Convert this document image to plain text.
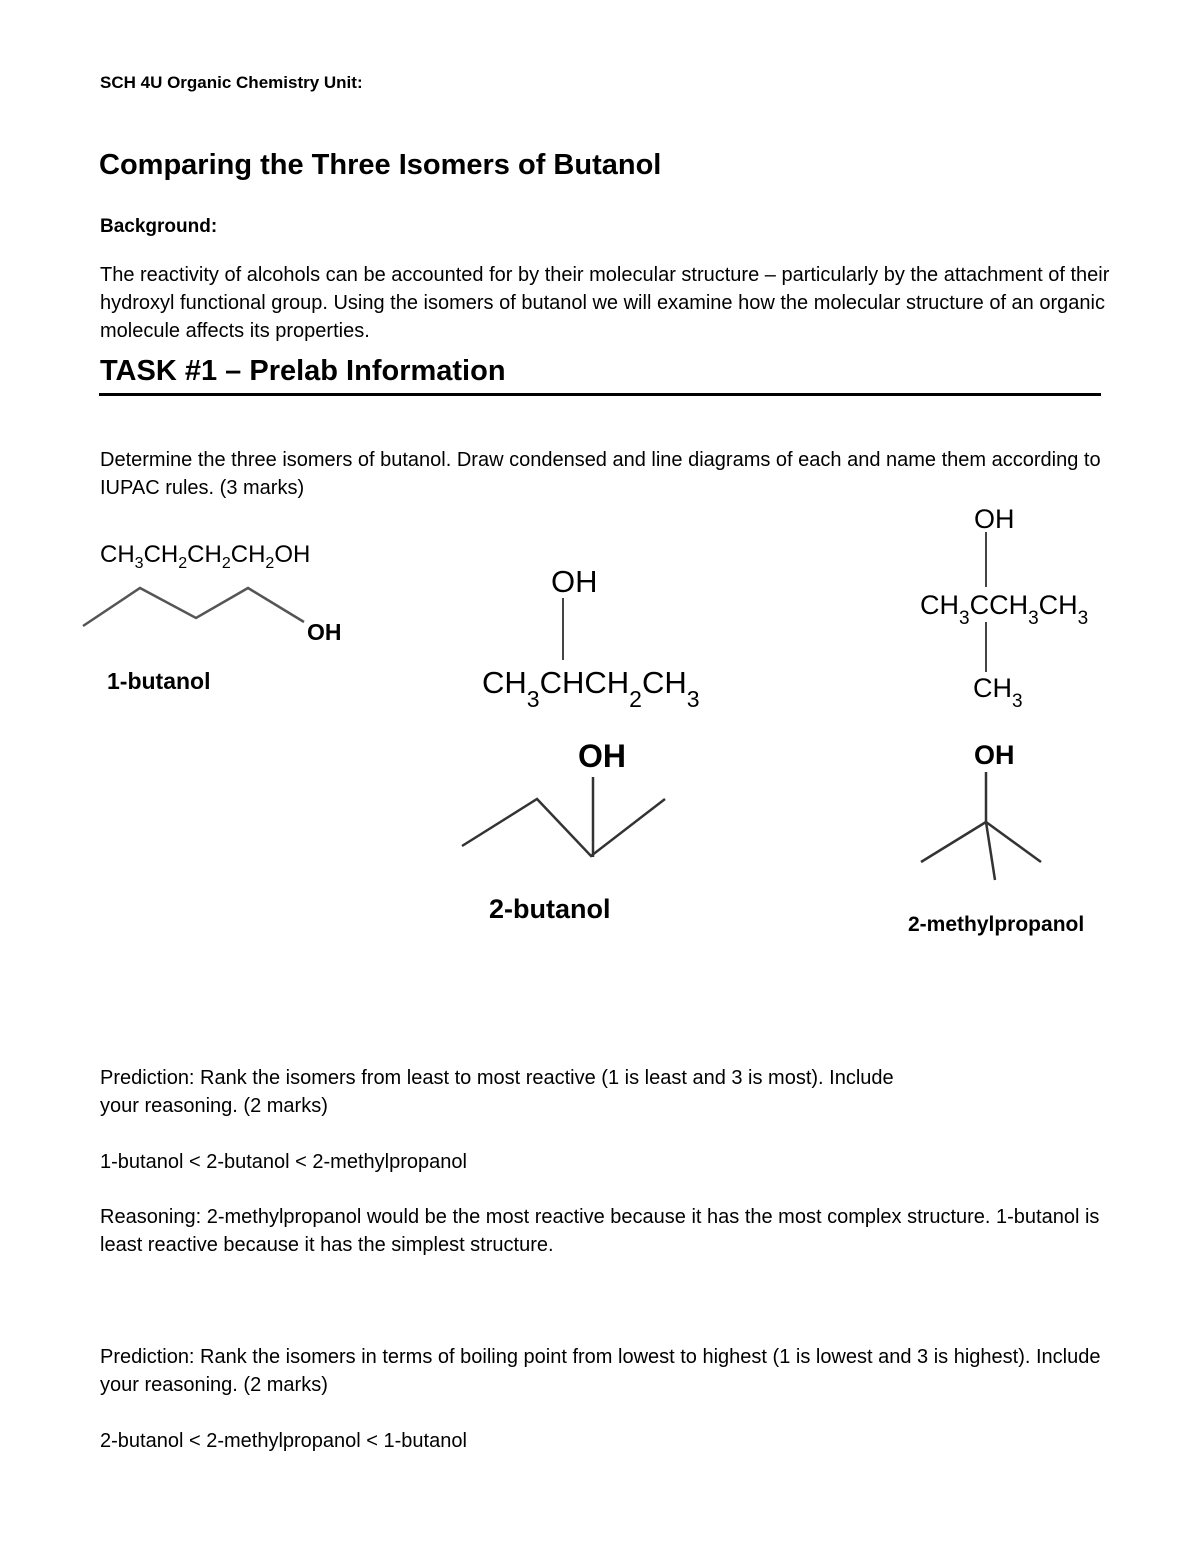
SCH 4U Organic Chemistry Unit:

Comparing the Three Isomers of Butanol

Background:

The reactivity of alcohols can be accounted for by their molecular structure – particularly by the attachment of their hydroxyl functional group. Using the isomers of butanol we will examine how the molecular structure of an organic molecule affects its properties.

TASK #1 – Prelab Information

Determine the three isomers of butanol. Draw condensed and line diagrams of each and name them according to IUPAC rules. (3 marks)

$CH_3CH_2CH_2CH_2OH$
OH
1-butanol
OH
$CH_3CHCH_2CH_3$
OH
2-butanol
OH
$CH_3CCH_3CH_3$
$CH_3$
OH
2-methylpropanol

Prediction: Rank the isomers from least to most reactive (1 is least and 3 is most). Include your reasoning. (2 marks)

1-butanol < 2-butanol < 2-methylpropanol

Reasoning: 2-methylpropanol would be the most reactive because it has the most complex structure. 1-butanol is least reactive because it has the simplest structure.

Prediction: Rank the isomers in terms of boiling point from lowest to highest (1 is lowest and 3 is highest). Include your reasoning. (2 marks)

2-butanol < 2-methylpropanol < 1-butanol
